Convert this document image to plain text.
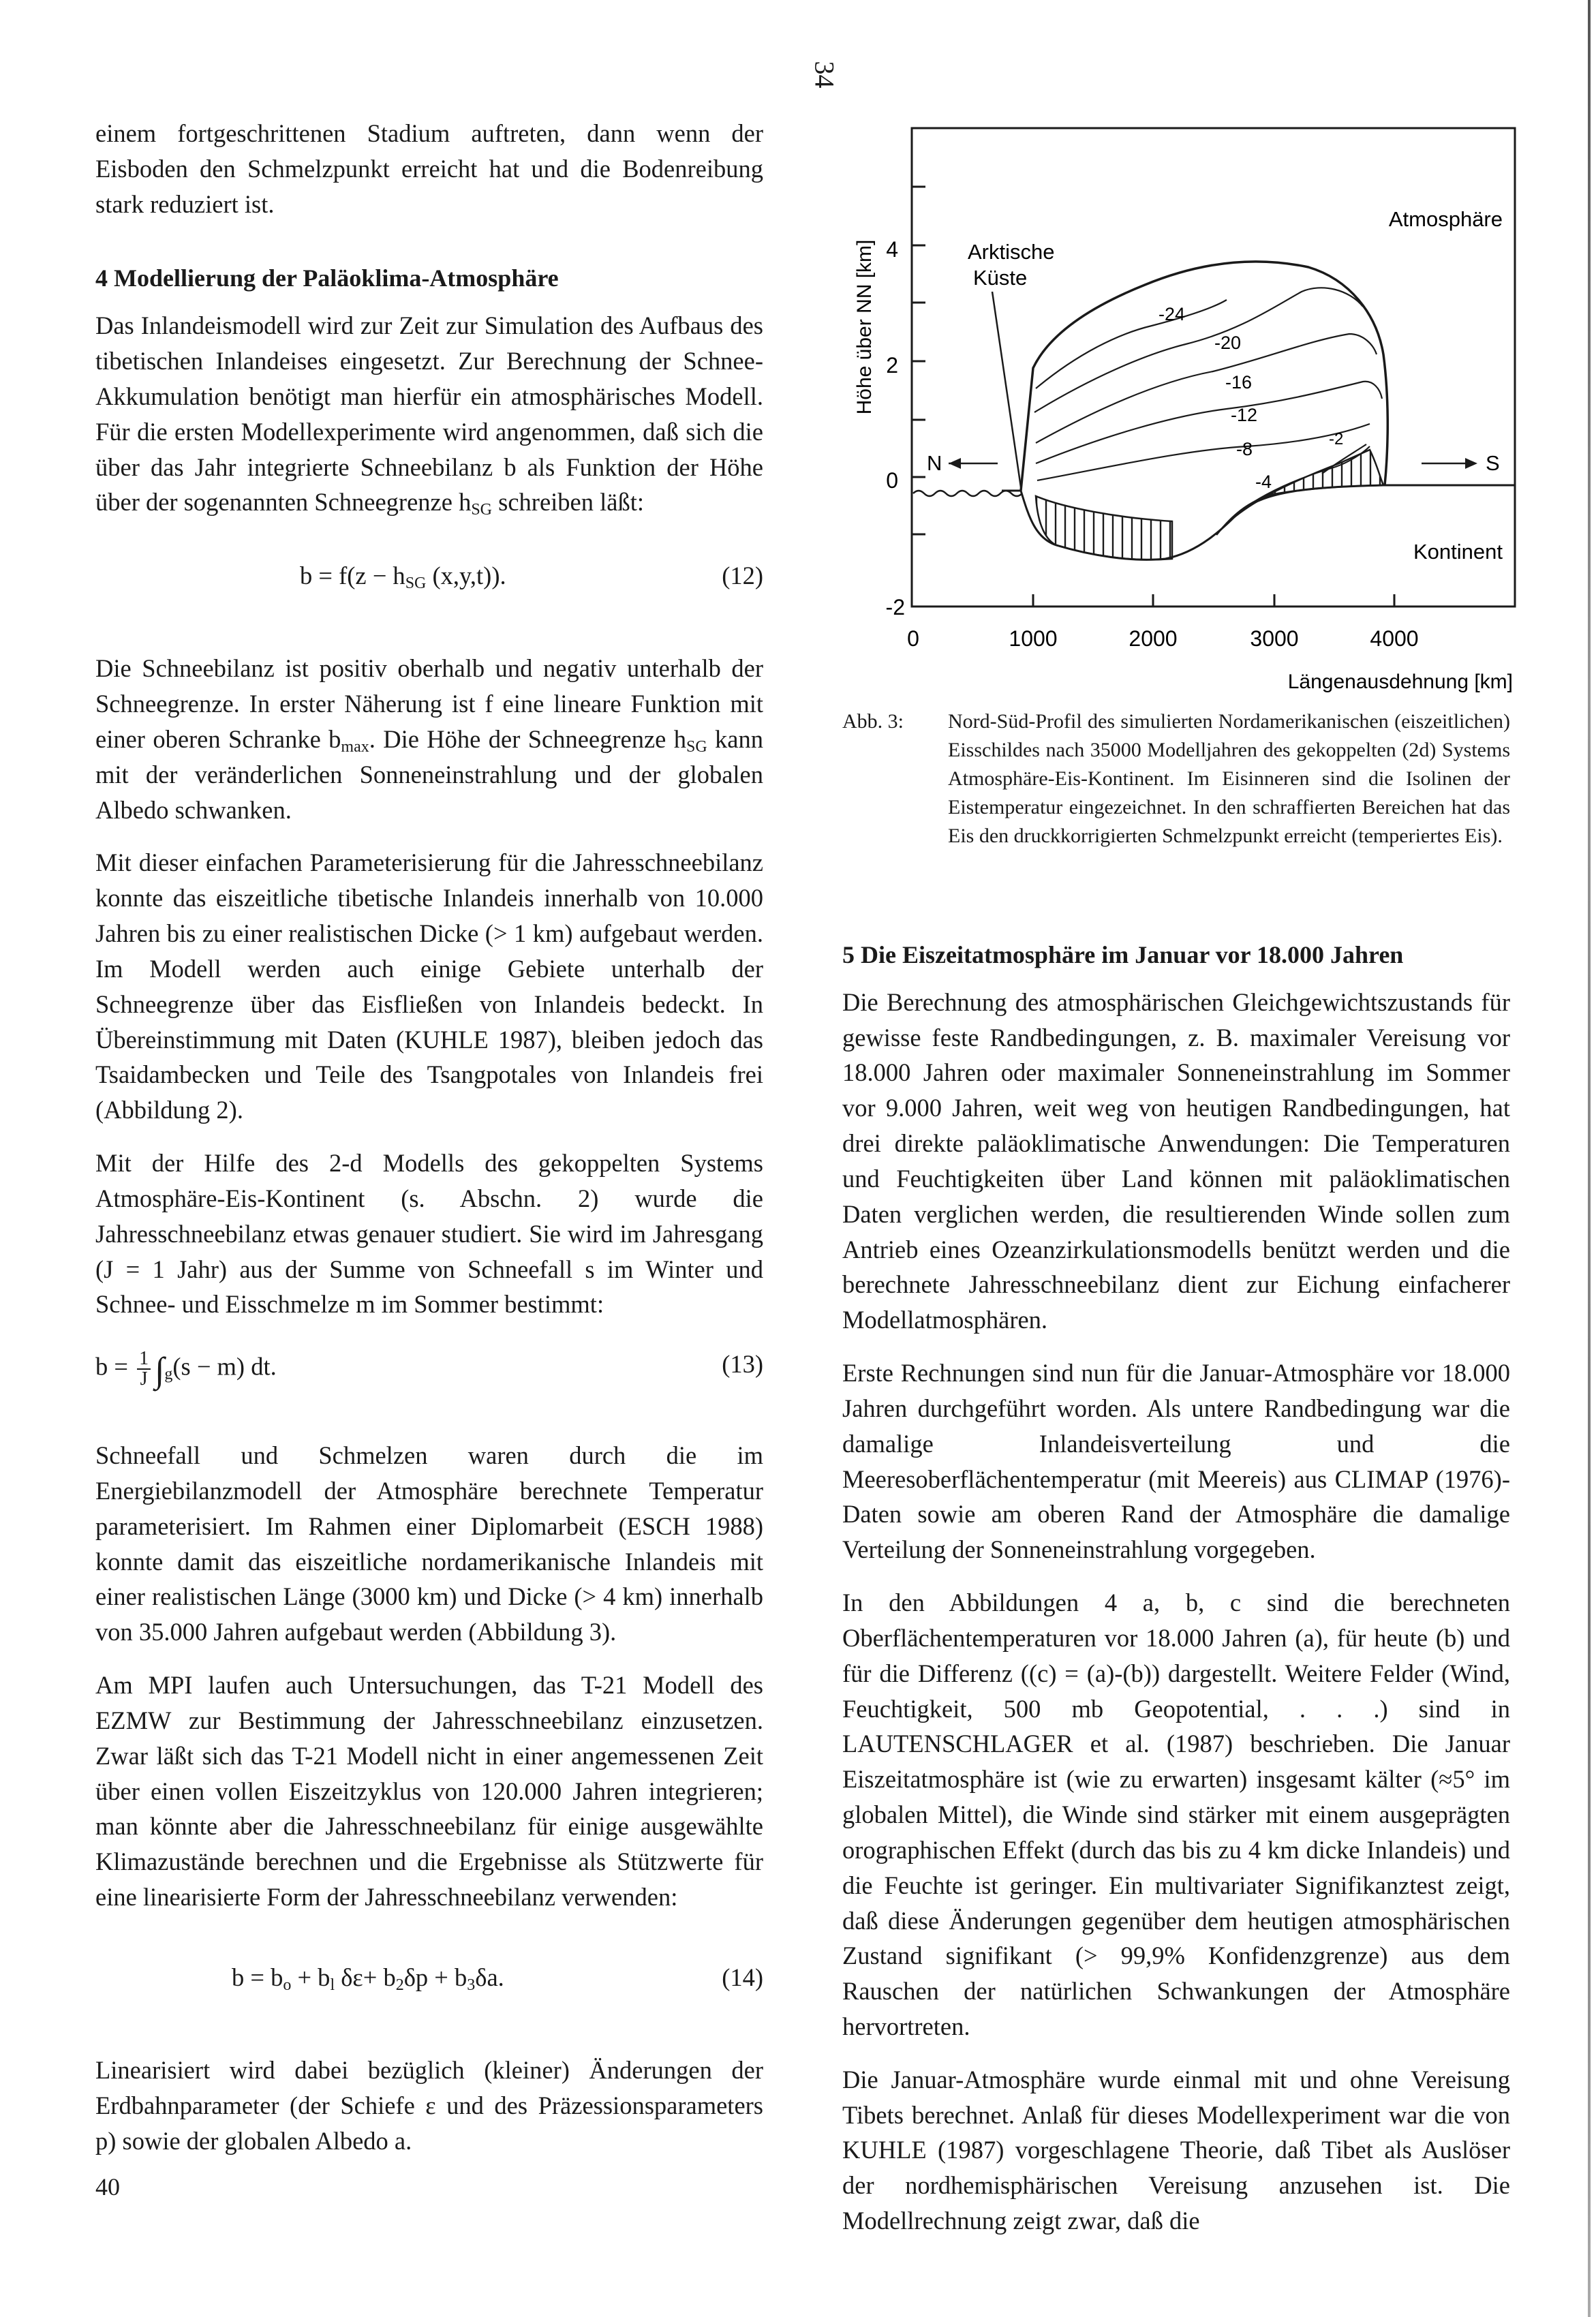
34

einem fortgeschrittenen Stadium auftreten, dann wenn der Eisboden den Schmelzpunkt erreicht hat und die Bodenreibung stark reduziert ist.

4 Modellierung der Paläoklima-Atmosphäre

Das Inlandeismodell wird zur Zeit zur Simulation des Aufbaus des tibetischen Inlandeises eingesetzt. Zur Berechnung der Schnee-Akkumulation benötigt man hierfür ein atmosphärisches Modell. Für die ersten Modellexperimente wird angenommen, daß sich die über das Jahr integrierte Schneebilanz b als Funktion der Höhe über der sogenannten Schneegrenze $h_{SG}$ schreiben läßt:

$b = f(z - h_{SG}$ (x,y,t)).	(12)

Die Schneebilanz ist positiv oberhalb und negativ unterhalb der Schneegrenze. In erster Näherung ist f eine lineare Funktion mit einer oberen Schranke $b_{max}$. Die Höhe der Schneegrenze $h_{SG}$ kann mit der veränderlichen Sonneneinstrahlung und der globalen Albedo schwanken.

Mit dieser einfachen Parameterisierung für die Jahresschneebilanz konnte das eiszeitliche tibetische Inlandeis innerhalb von 10.000 Jahren bis zu einer realistischen Dicke (> 1 km) aufgebaut werden. Im Modell werden auch einige Gebiete unterhalb der Schneegrenze über das Eisfließen von Inlandeis bedeckt. In Übereinstimmung mit Daten (KUHLE 1987), bleiben jedoch das Tsaidambecken und Teile des Tsangpotales von Inlandeis frei (Abbildung 2).

Mit der Hilfe des 2-d Modells des gekoppelten Systems Atmosphäre-Eis-Kontinent (s. Abschn. 2) wurde die Jahresschneebilanz etwas genauer studiert. Sie wird im Jahresgang (J = 1 Jahr) aus der Summe von Schneefall s im Winter und Schnee- und Eisschmelze m im Sommer bestimmt:

$b = \frac{1}{J} \int_g(s - m)$ dt.	(13)

Schneefall und Schmelzen waren durch die im Energiebilanzmodell der Atmosphäre berechnete Temperatur parameterisiert. Im Rahmen einer Diplomarbeit (ESCH 1988) konnte damit das eiszeitliche nordamerikanische Inlandeis mit einer realistischen Länge (3000 km) und Dicke (> 4 km) innerhalb von 35.000 Jahren aufgebaut werden (Abbildung 3).

Am MPI laufen auch Untersuchungen, das T-21 Modell des EZMW zur Bestimmung der Jahresschneebilanz einzusetzen. Zwar läßt sich das T-21 Modell nicht in einer angemessenen Zeit über einen vollen Eiszeitzyklus von 120.000 Jahren integrieren; man könnte aber die Jahresschneebilanz für einige ausgewählte Klimazustände berechnen und die Ergebnisse als Stützwerte für eine linearisierte Form der Jahresschneebilanz verwenden:

$b = b_o + b_l$ $\delta\varepsilon+ b_2\delta p + b_3\delta a$.	(14)

Linearisiert wird dabei bezüglich (kleiner) Änderungen der Erdbahnparameter (der Schiefe ε und des Präzessionsparameters p) sowie der globalen Albedo a.

4
2
0
-2
Höhe über NN [km]
0	1000	2000	3000	4000
Längenausdehnung [km]
-24
-20
-16
-12
-8
-4
-2
Atmosphäre
Arktische
Küste
Kontinent
N	S
Abb. 3:	Nord-Süd-Profil des simulierten Nordamerikanischen (eiszeitlichen) Eisschildes nach 35000 Modelljahren des gekoppelten (2d) Systems Atmosphäre-Eis-Kontinent. Im Eisinneren sind die Isolinen der Eistemperatur eingezeichnet. In den schraffierten Bereichen hat das Eis den druckkorrigierten Schmelzpunkt erreicht (temperiertes Eis).
5 Die Eiszeitatmosphäre im Januar vor 18.000 Jahren

Die Berechnung des atmosphärischen Gleichgewichtszustands für gewisse feste Randbedingungen, z. B. maximaler Vereisung vor 18.000 Jahren oder maximaler Sonneneinstrahlung im Sommer vor 9.000 Jahren, weit weg von heutigen Randbedingungen, hat drei direkte paläoklimatische Anwendungen: Die Temperaturen und Feuchtigkeiten über Land können mit paläoklimatischen Daten verglichen werden, die resultierenden Winde sollen zum Antrieb eines Ozeanzirkulationsmodells benützt werden und die berechnete Jahresschneebilanz dient zur Eichung einfacherer Modellatmosphären.

Erste Rechnungen sind nun für die Januar-Atmosphäre vor 18.000 Jahren durchgeführt worden. Als untere Randbedingung war die damalige Inlandeisverteilung und die Meeresoberflächentemperatur (mit Meereis) aus CLIMAP (1976)-Daten sowie am oberen Rand der Atmosphäre die damalige Verteilung der Sonneneinstrahlung vorgegeben.

In den Abbildungen 4 a, b, c sind die berechneten Oberflächentemperaturen vor 18.000 Jahren (a), für heute (b) und für die Differenz ((c) = (a)-(b)) dargestellt. Weitere Felder (Wind, Feuchtigkeit, 500 mb Geopotential, . . .) sind in LAUTENSCHLAGER et al. (1987) beschrieben. Die Januar Eiszeitatmosphäre ist (wie zu erwarten) insgesamt kälter (≈5° im globalen Mittel), die Winde sind stärker mit einem ausgeprägten orographischen Effekt (durch das bis zu 4 km dicke Inlandeis) und die Feuchte ist geringer. Ein multivariater Signifikanztest zeigt, daß diese Änderungen gegenüber dem heutigen atmosphärischen Zustand signifikant (> 99,9% Konfidenzgrenze) aus dem Rauschen der natürlichen Schwankungen der Atmosphäre hervortreten.

Die Januar-Atmosphäre wurde einmal mit und ohne Vereisung Tibets berechnet. Anlaß für dieses Modellexperiment war die von KUHLE (1987) vorgeschlagene Theorie, daß Tibet als Auslöser der nordhemisphärischen Vereisung anzusehen ist. Die Modellrechnung zeigt zwar, daß die

40
